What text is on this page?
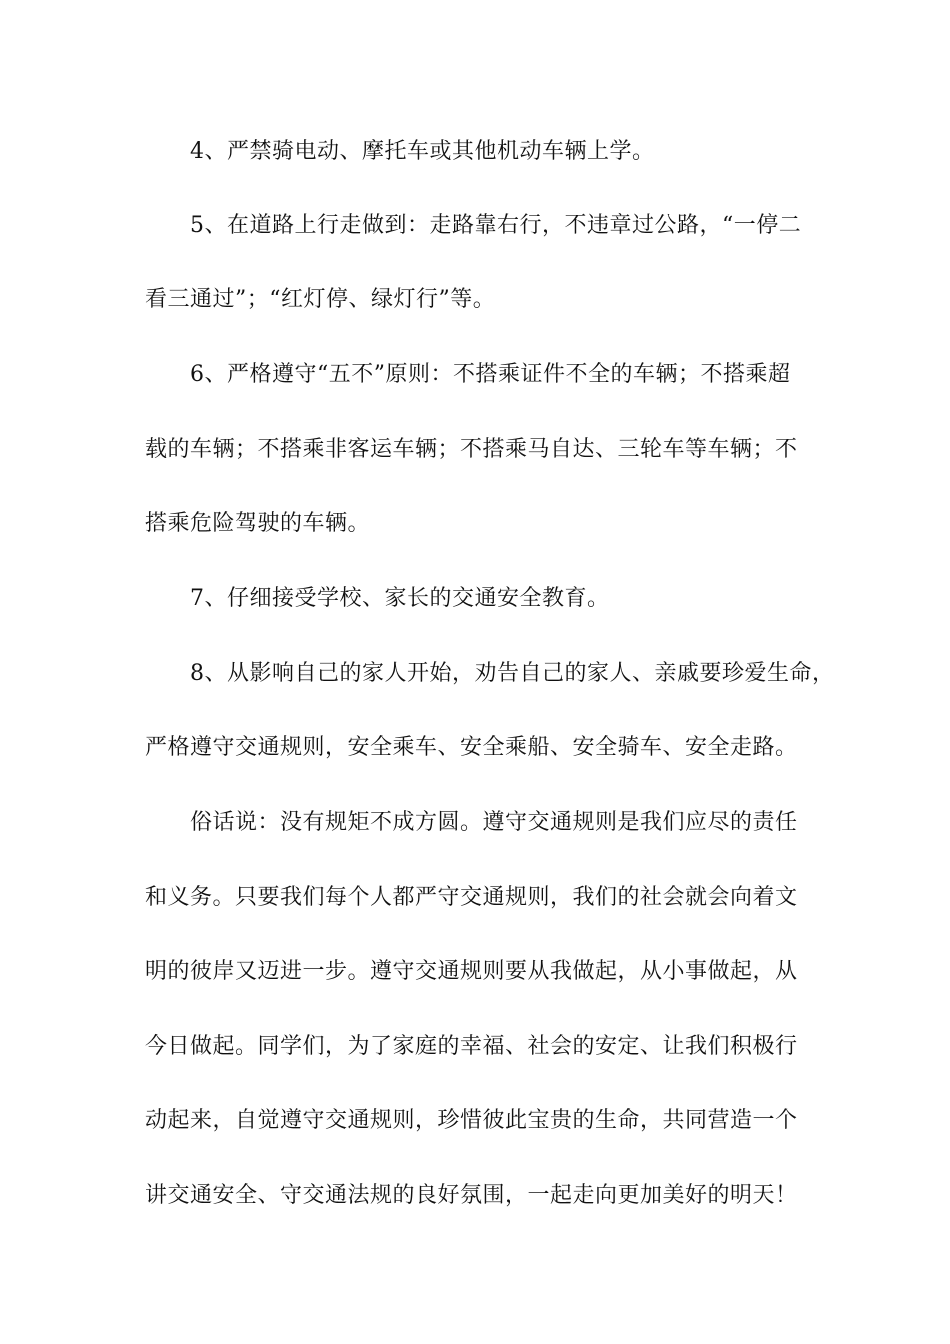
4、严禁骑电动、摩托车或其他机动车辆上学。
5、在道路上行走做到：走路靠右行，不违章过公路，“一停二
看三通过”；“红灯停、绿灯行”等。
6、严格遵守“五不”原则：不搭乘证件不全的车辆；不搭乘超
载的车辆；不搭乘非客运车辆；不搭乘马自达、三轮车等车辆；不
搭乘危险驾驶的车辆。
7、仔细接受学校、家长的交通安全教育。
8、从影响自己的家人开始，劝告自己的家人、亲戚要珍爱生命，
严格遵守交通规则，安全乘车、安全乘船、安全骑车、安全走路。
俗话说：没有规矩不成方圆。遵守交通规则是我们应尽的责任
和义务。只要我们每个人都严守交通规则，我们的社会就会向着文
明的彼岸又迈进一步。遵守交通规则要从我做起，从小事做起，从
今日做起。同学们，为了家庭的幸福、社会的安定、让我们积极行
动起来，自觉遵守交通规则，珍惜彼此宝贵的生命，共同营造一个
讲交通安全、守交通法规的良好氛围，一起走向更加美好的明天！
